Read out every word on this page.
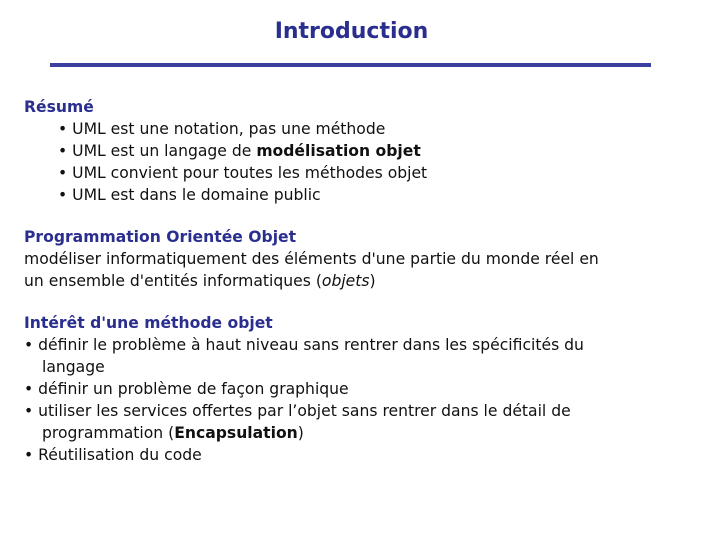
Introduction
Résumé
• UML est une notation, pas une méthode
• UML est un langage de modélisation objet
• UML convient pour toutes les méthodes objet
• UML est dans le domaine public
Programmation Orientée Objet
modéliser informatiquement des éléments d'une partie du monde réel en
un ensemble d'entités informatiques (objets)
Intérêt d'une méthode objet
• définir le problème à haut niveau sans rentrer dans les spécificités du
langage
• définir un problème de façon graphique
• utiliser les services offertes par l’objet sans rentrer dans le détail de
programmation (Encapsulation)
• Réutilisation du code
